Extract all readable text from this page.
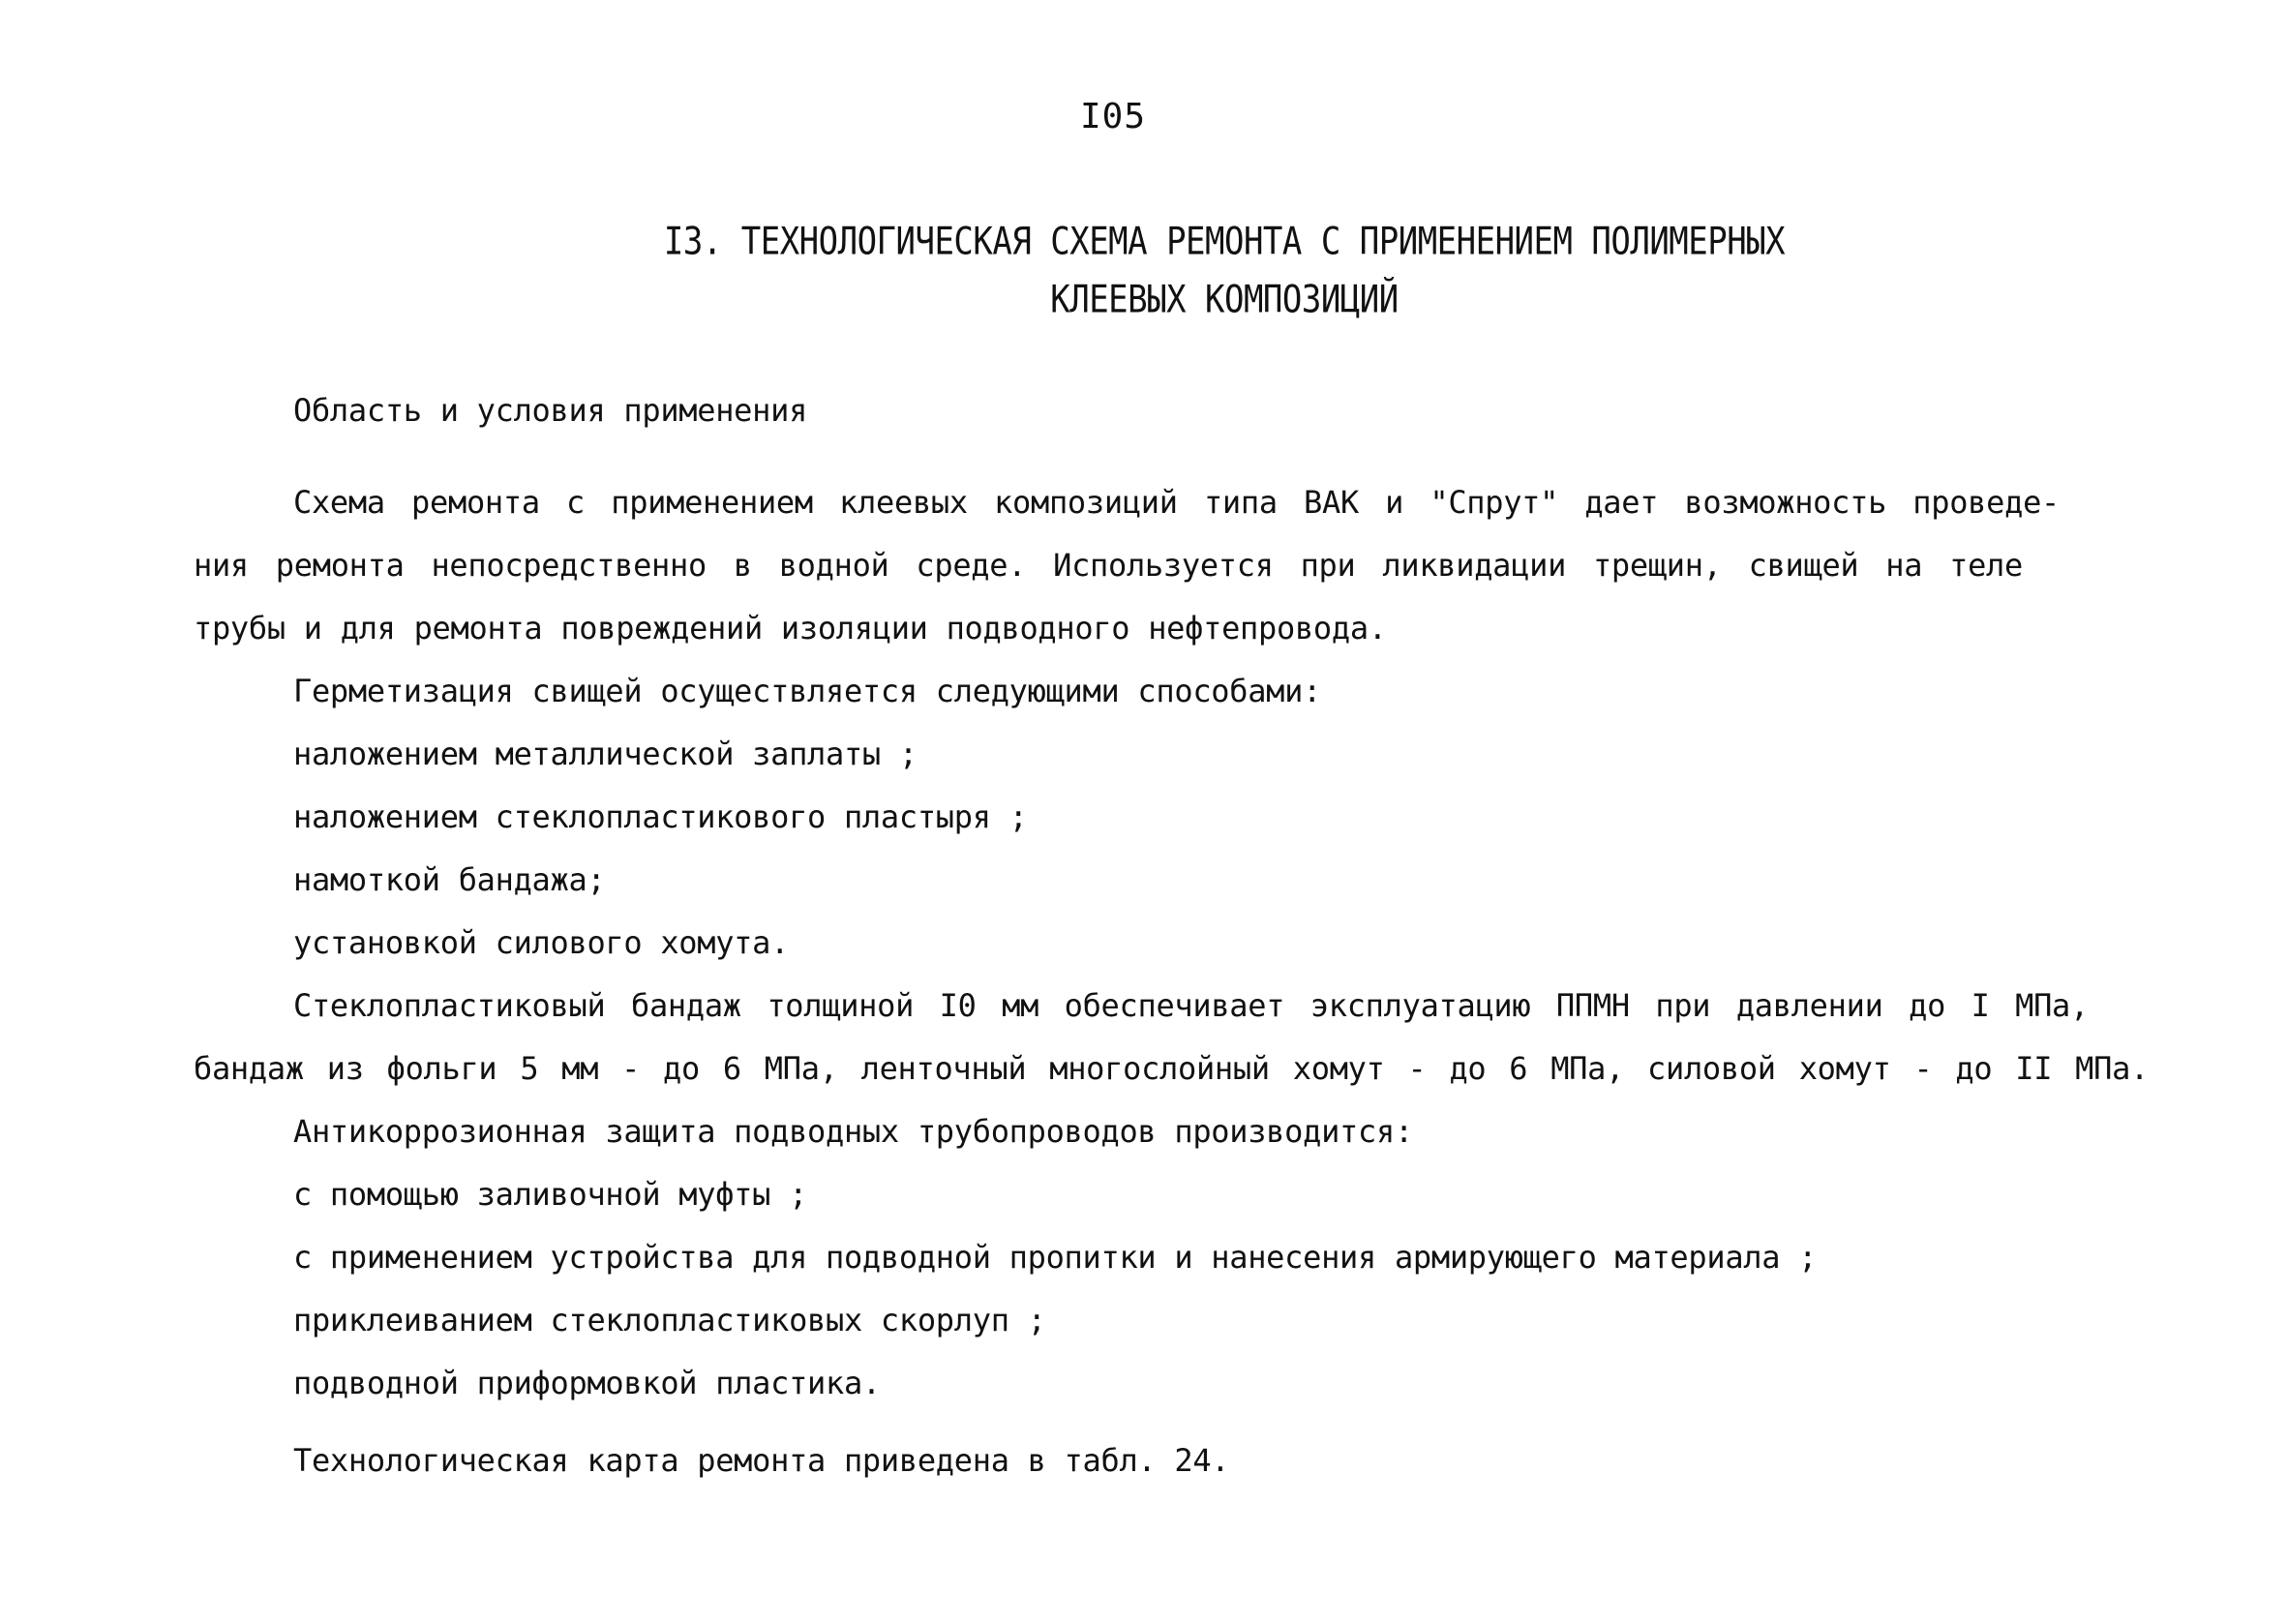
I05
I3. ТЕХНОЛОГИЧЕСКАЯ СХЕМА РЕМОНТА С ПРИМЕНЕНИЕМ ПОЛИМЕРНЫХ
КЛЕЕВЫХ КОМПОЗИЦИЙ
Область и условия применения
Схема ремонта с применением клеевых композиций типа ВАК и "Спрут" дает возможность проведе-
ния ремонта непосредственно в водной среде. Используется при ликвидации трещин, свищей на теле
трубы и для ремонта повреждений изоляции подводного нефтепровода.
Герметизация свищей осуществляется следующими способами:
наложением металлической заплаты ;
наложением стеклопластикового пластыря ;
намоткой бандажа;
установкой силового хомута.
Стеклопластиковый бандаж толщиной I0 мм обеспечивает эксплуатацию ППМН при давлении до I МПа,
бандаж из фольги 5 мм - до 6 МПа, ленточный многослойный хомут - до 6 МПа, силовой хомут - до II МПа.
Антикоррозионная защита подводных трубопроводов производится:
с помощью заливочной муфты ;
с применением устройства для подводной пропитки и нанесения армирующего материала ;
приклеиванием стеклопластиковых скорлуп ;
подводной приформовкой пластика.
Технологическая карта ремонта приведена в табл. 24.
